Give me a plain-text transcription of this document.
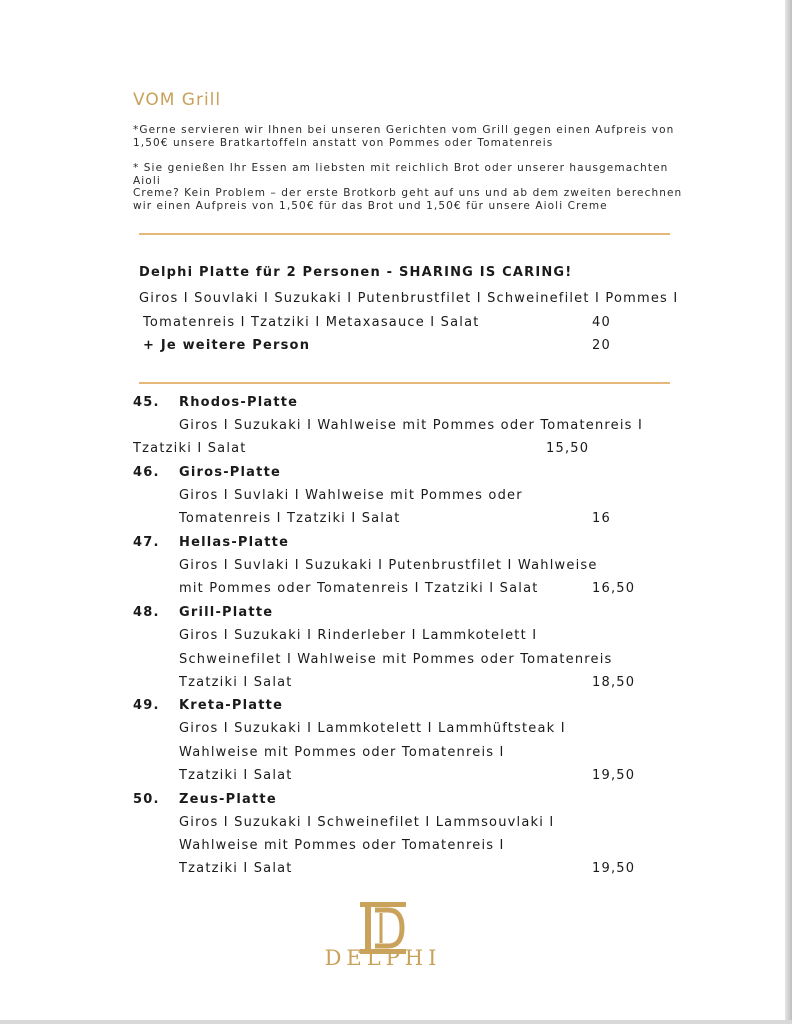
VOM Grill
*Gerne servieren wir Ihnen bei unseren Gerichten vom Grill gegen einen Aufpreis von
1,50€ unsere Bratkartoffeln anstatt von Pommes oder Tomatenreis
* Sie genießen Ihr Essen am liebsten mit reichlich Brot oder unserer hausgemachten Aioli
Creme? Kein Problem – der erste Brotkorb geht auf uns und ab dem zweiten berechnen
wir einen Aufpreis von 1,50€ für das Brot und 1,50€ für unsere Aioli Creme
Delphi Platte für 2 Personen - SHARING IS CARING!
Giros I Souvlaki I Suzukaki I Putenbrustfilet I Schweinefilet I Pommes I
Tomatenreis I Tzatziki I Metaxasauce I Salat	40
+ Je weitere Person	20
45. Rhodos-Platte
Giros I Suzukaki I Wahlweise mit Pommes oder Tomatenreis I
Tzatziki I Salat	15,50
46. Giros-Platte
Giros I Suvlaki I Wahlweise mit Pommes oder
Tomatenreis I Tzatziki I Salat	16
47. Hellas-Platte
Giros I Suvlaki I Suzukaki I Putenbrustfilet I Wahlweise
mit Pommes oder Tomatenreis I Tzatziki I Salat	16,50
48. Grill-Platte
Giros I Suzukaki I Rinderleber I Lammkotelett I
Schweinefilet I Wahlweise mit Pommes oder Tomatenreis
Tzatziki I Salat	18,50
49. Kreta-Platte
Giros I Suzukaki I Lammkotelett I Lammhüftsteak I
Wahlweise mit Pommes oder Tomatenreis I
Tzatziki I Salat	19,50
50. Zeus-Platte
Giros I Suzukaki I Schweinefilet I Lammsouvlaki I
Wahlweise mit Pommes oder Tomatenreis I
Tzatziki I Salat	19,50
DELPHI
